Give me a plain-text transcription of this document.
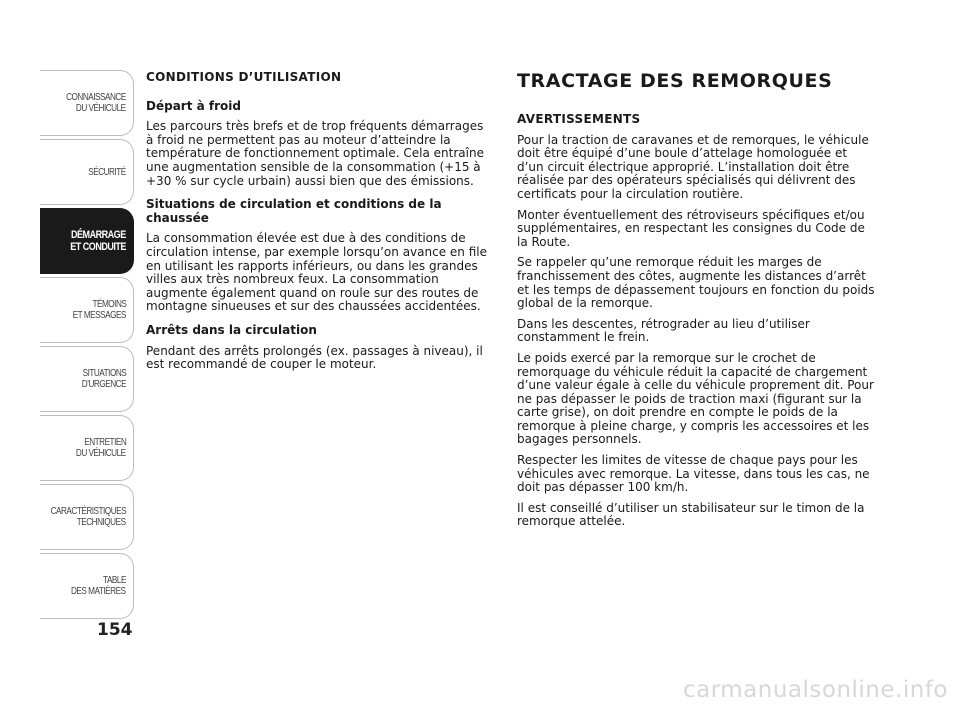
CONNAISSANCE
DU VÉHICULE
SÉCURITÉ
DÉMARRAGE
ET CONDUITE
TÉMOINS
ET MESSAGES
SITUATIONS
D’URGENCE
ENTRETIEN
DU VÉHICULE
CARACTÉRISTIQUES
TECHNIQUES
TABLE
DES MATIÈRES
154
CONDITIONS D’UTILISATION
Départ à froid

Les parcours très brefs et de trop fréquents démarrages à froid ne permettent pas au moteur d’atteindre la température de fonctionnement optimale. Cela entraîne une augmentation sensible de la consommation (+15 à +30 % sur cycle urbain) aussi bien que des émissions.

Situations de circulation et conditions de la chaussée

La consommation élevée est due à des conditions de circulation intense, par exemple lorsqu’on avance en file en utilisant les rapports inférieurs, ou dans les grandes villes aux très nombreux feux. La consommation augmente également quand on roule sur des routes de montagne sinueuses et sur des chaussées accidentées.

Arrêts dans la circulation

Pendant des arrêts prolongés (ex. passages à niveau), il est recommandé de couper le moteur.

TRACTAGE DES REMORQUES
AVERTISSEMENTS

Pour la traction de caravanes et de remorques, le véhicule doit être équipé d’une boule d’attelage homologuée et d’un circuit électrique approprié. L’installation doit être réalisée par des opérateurs spécialisés qui délivrent des certificats pour la circulation routière.

Monter éventuellement des rétroviseurs spécifiques et/ou supplémentaires, en respectant les consignes du Code de la Route.

Se rappeler qu’une remorque réduit les marges de franchissement des côtes, augmente les distances d’arrêt et les temps de dépassement toujours en fonction du poids global de la remorque.

Dans les descentes, rétrograder au lieu d’utiliser constamment le frein.

Le poids exercé par la remorque sur le crochet de remorquage du véhicule réduit la capacité de chargement d’une valeur égale à celle du véhicule proprement dit. Pour ne pas dépasser le poids de traction maxi (figurant sur la carte grise), on doit prendre en compte le poids de la remorque à pleine charge, y compris les accessoires et les bagages personnels.

Respecter les limites de vitesse de chaque pays pour les véhicules avec remorque. La vitesse, dans tous les cas, ne doit pas dépasser 100 km/h.

Il est conseillé d’utiliser un stabilisateur sur le timon de la remorque attelée.

carmanualsonline.info
